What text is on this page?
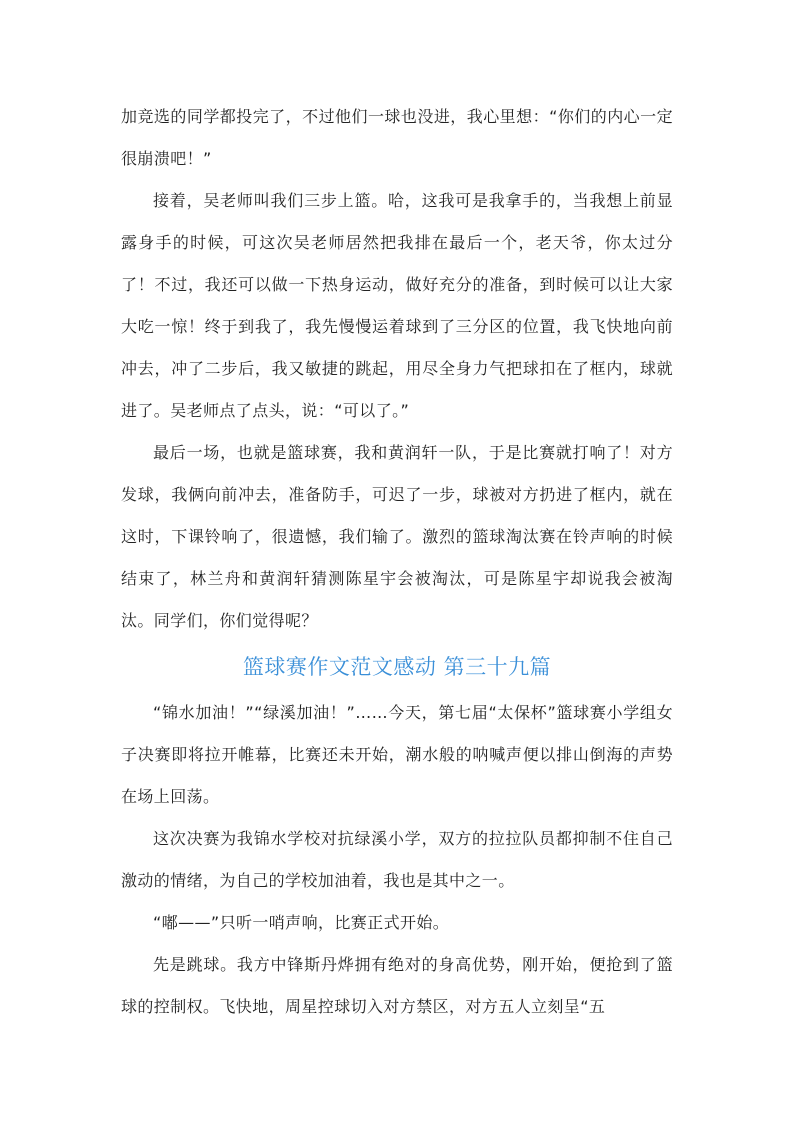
加竞选的同学都投完了，不过他们一球也没进，我心里想：“你们的内心一定很崩溃吧！”

接着，吴老师叫我们三步上篮。哈，这我可是我拿手的，当我想上前显露身手的时候，可这次吴老师居然把我排在最后一个，老天爷，你太过分了！不过，我还可以做一下热身运动，做好充分的准备，到时候可以让大家大吃一惊！终于到我了，我先慢慢运着球到了三分区的位置，我飞快地向前冲去，冲了二步后，我又敏捷的跳起，用尽全身力气把球扣在了框内，球就进了。吴老师点了点头，说：“可以了。”

最后一场，也就是篮球赛，我和黄润轩一队，于是比赛就打响了！对方发球，我俩向前冲去，准备防手，可迟了一步，球被对方扔进了框内，就在这时，下课铃响了，很遗憾，我们输了。激烈的篮球淘汰赛在铃声响的时候结束了，林兰舟和黄润轩猜测陈星宇会被淘汰，可是陈星宇却说我会被淘汰。同学们，你们觉得呢？

篮球赛作文范文感动 第三十九篇

“锦水加油！”“绿溪加油！”……今天，第七届“太保杯”篮球赛小学组女子决赛即将拉开帷幕，比赛还未开始，潮水般的呐喊声便以排山倒海的声势在场上回荡。

这次决赛为我锦水学校对抗绿溪小学，双方的拉拉队员都抑制不住自己激动的情绪，为自己的学校加油着，我也是其中之一。

“嘟——”只听一哨声响，比赛正式开始。

先是跳球。我方中锋斯丹烨拥有绝对的身高优势，刚开始，便抢到了篮球的控制权。飞快地，周星控球切入对方禁区，对方五人立刻呈“五
